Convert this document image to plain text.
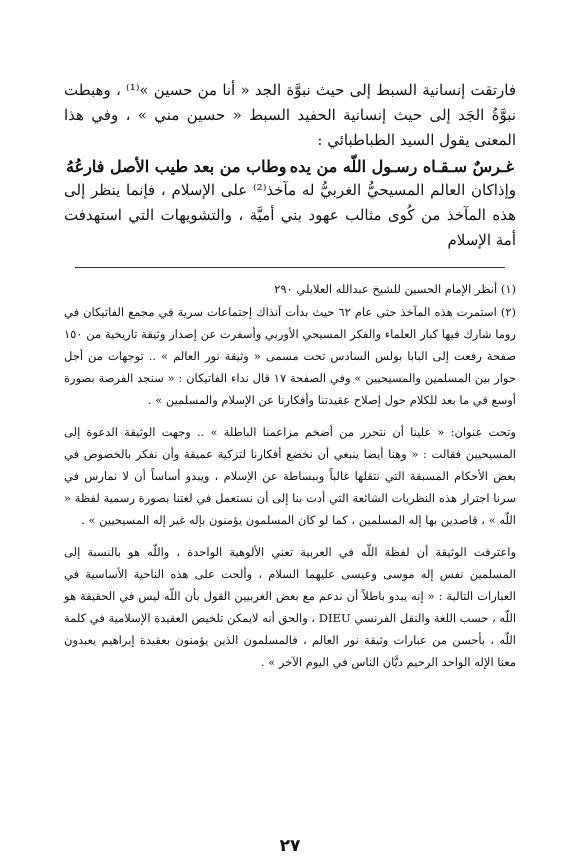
فارتقت إنسانية السبط إلى حيث نبوَّة الجد « أنا من حسين »⁽¹⁾ ، وهبطت نبوَّةُ الجَد إلى حيث إنسانية الحفيد السبط « حسين مني » ، وفي هذا المعنى يقول السيد الطباطبائي :

غـرسٌ سـقـاه رسـول اللّه من يده
وطاب من بعد طيب الأصل فارعُهُ

وإذاكان العالم المسيحيُّ الغربيُّ له مآخذ⁽²⁾ على الإسلام ، فإنما ينظر إلى هذه المآخذ من كُوى مثالب عهود بني أميَّة ، والتشويهات التي استهدفت أمة الإسلام

(١) أنظر الإمام الحسين للشيخ عبدالله العلايلي ٢٩٠

(٢) استمرت هذه المآخذ حتى عام ٦٢ حيث بدأت آنذاك إجتماعات سرية في مجمع الفاتيكان في روما شارك فيها كبار العلماء والفكر المسيحي الأوربي وأسفرت عن إصدار وثيقة تاريخية من ١٥٠ صفحة رفعت إلى البابا بولس السادس تحت مسمى « وثيقة نور العالم » .. توجهات من أجل حوار بين المسلمين والمسيحيين » وفي الصفحة ١٧ قال نداء الفاتيكان : « سنجد الفرصة بصورة أوسع في ما بعد للكلام حول إصلاح عقيدتنا وأفكارنا عن الإسلام والمسلمين » .

وتحت عنوان: « علينا أن نتحرر من أضخم مزاعمنا الباطلة » .. وجهت الوثيقة الدعوة إلى المسيحيين فقالت : « وهنا أيضا ينبغي أن نخضع أفكارنا لتزكية عميقة وأن نفكر بالخصوص في بعض الأحكام المسبقة التي نتقلها غالباً وببساطة عن الإسلام ، ويبدو أساساً أن لا نمارس في سرنا اجترار هذه النظريات الشائعة التي أدت بنا إلى أن نستعمل في لغتنا بصورة رسمية لفظة « اللّه » ، قاصدين بها إله المسلمين ، كما لو كان المسلمون يؤمنون بإله غير إله المسيحيين » .

واعترفت الوثيقة أن لفظة اللّه في العربية تعني الألوهية الواحدة ، واللّه هو بالنسبة إلى المسلمين نفس إله موسى وعيسى عليهما السلام ، وألحت على هذه الناحية الأساسية في العبارات التالية : « إنه يبدو باطلاً أن ندعم مع بعض الغربيين القول بأن اللّه ليس في الحقيقة هو اللّه ، حسب اللغة والنقل الفرنسي DIEU ، والحق أنه لايمكن تلخيص العقيدة الإسلامية في كلمة اللّه ، بأحسن من عبارات وثيقة نور العالم ، فالمسلمون الذين يؤمنون بعقيدة إبراهيم يعبدون معنا الإله الواحد الرحيم ديَّان الناس في اليوم الآخر » .

٢٧
